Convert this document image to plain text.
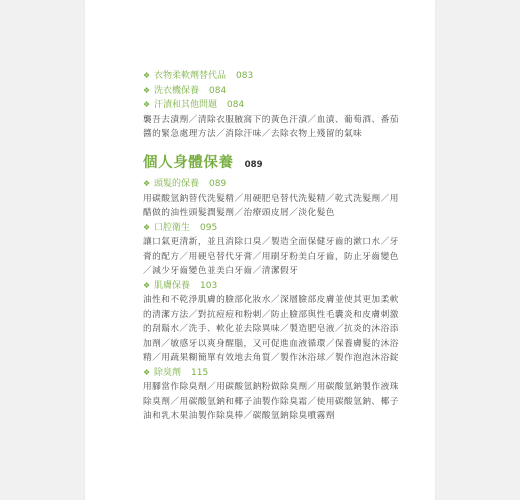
❖ 衣物柔軟劑替代品 083
❖ 洗衣機保養 084
❖ 汗漬和其他問題 084
襲吾去漬劑／清除衣服腋窩下的黃色汗漬／血漬、葡萄酒、番茄醬的緊急處理方法／消除汗味／去除衣物上殘留的氣味
個人身體保養 089
❖ 頭髮的保養 089
用碳酸氫鈉替代洗髮精／用硬肥皂替代洗髮精／乾式洗髮劑／用醋做的油性頭髮潤髮劑／治療頭皮屑／淡化髮色
❖ 口腔衛生 095
讓口氣更清新，並且消除口臭／製造全面保健牙齒的漱口水／牙膏的配方／用硬皂替代牙膏／用刷牙粉美白牙齒，防止牙齒變色／減少牙齒變色並美白牙齒／清潔假牙
❖ 肌膚保養 103
油性和不乾淨肌膚的臉部化妝水／深層臉部皮膚並使其更加柔軟的清潔方法／對抗痘痘和粉刺／防止臉部與性毛囊炎和皮膚刺激的刮鬍水／洗手、軟化並去除異味／製造肥皂液／抗炎的沐浴添加劑／敏感牙以爽身醒腦，又可促進血液循環／保養膚髮的沐浴精／用蔬果糊簡單有效地去角質／製作沐浴球／製作泡泡沐浴錠
❖ 除臭劑 115
用腳當作除臭劑／用碳酸氫鈉粉做除臭劑／用碳酸氫鈉製作液珠除臭劑／用碳酸氫鈉和椰子油製作除臭霜／使用碳酸氫鈉、椰子油和乳木果油製作除臭棒／碳酸氫鈉除臭噴霧劑
